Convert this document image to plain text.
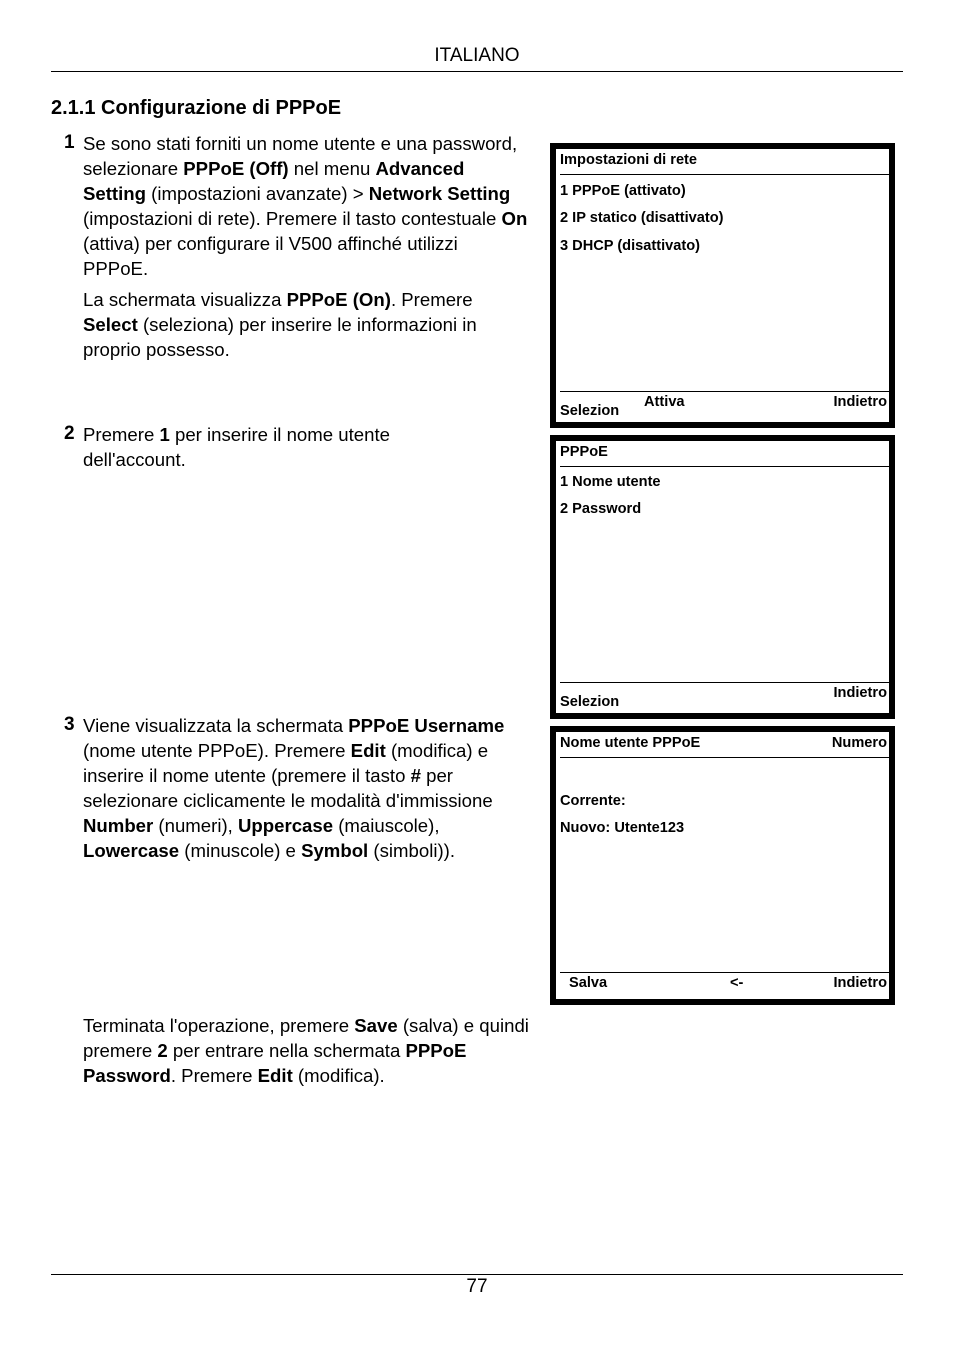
ITALIANO
2.1.1 Configurazione di PPPoE
1 Se sono stati forniti un nome utente e una password, selezionare PPPoE (Off) nel menu Advanced Setting (impostazioni avanzate) > Network Setting (impostazioni di rete). Premere il tasto contestuale On (attiva) per configurare il V500 affinché utilizzi PPPoE.
La schermata visualizza PPPoE (On). Premere Select (seleziona) per inserire le informazioni in proprio possesso.
2 Premere 1 per inserire il nome utente dell'account.
3 Viene visualizzata la schermata PPPoE Username (nome utente PPPoE). Premere Edit (modifica) e inserire il nome utente (premere il tasto # per selezionare ciclicamente le modalità d'immissione Number (numeri), Uppercase (maiuscole), Lowercase (minuscole) e Symbol (simboli)).
Terminata l'operazione, premere Save (salva) e quindi premere 2 per entrare nella schermata PPPoE Password. Premere Edit (modifica).
Impostazioni di rete
1 PPPoE (attivato)
2 IP statico (disattivato)
3 DHCP (disattivato)
Selezion
Attiva	Indietro
PPPoE
1 Nome utente
2 Password
Selezion
Indietro
Nome utente PPPoE	Numero
Corrente:
Nuovo: Utente123
Salva	<-	Indietro
77
